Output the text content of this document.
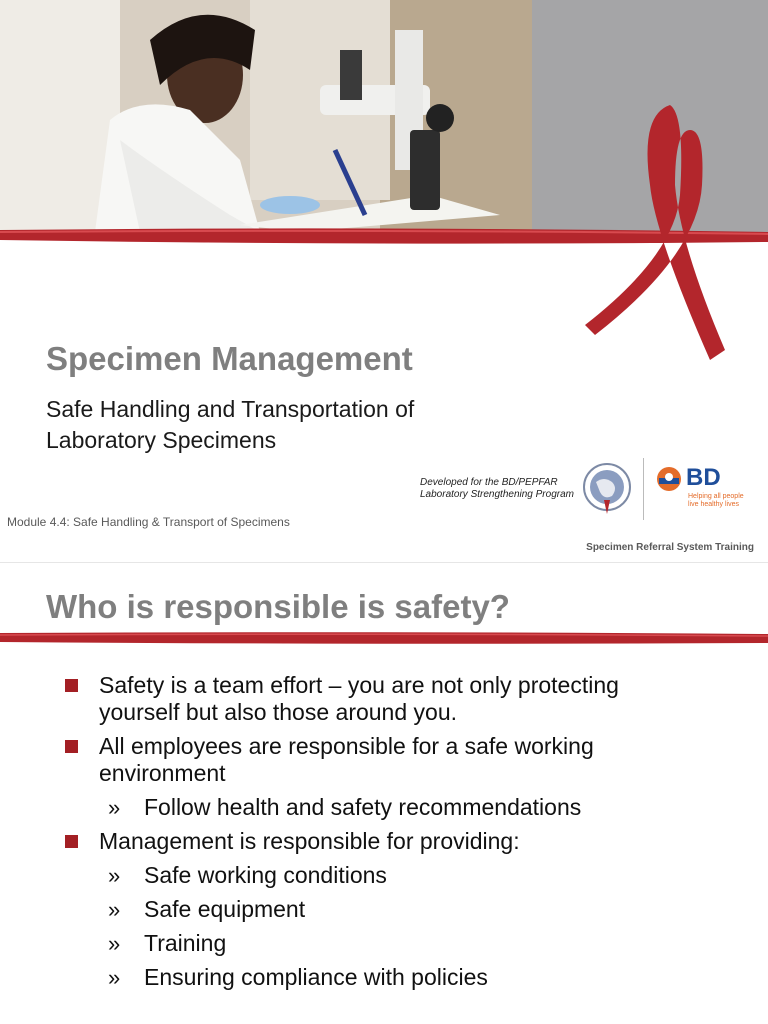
Specimen Management
Safe Handling and Transportation of
Laboratory Specimens
Developed for the BD/PEPFAR
Laboratory Strengthening Program
BD
Helping all people
live healthy lives
Module 4.4: Safe Handling & Transport of Specimens
Specimen Referral System Training
Who is responsible is safety?
Safety is a team effort – you are not only protecting yourself but also those around you.
All employees are responsible for a safe working environment
» Follow health and safety recommendations
Management is responsible for providing:
» Safe working conditions
» Safe equipment
» Training
» Ensuring compliance with policies
